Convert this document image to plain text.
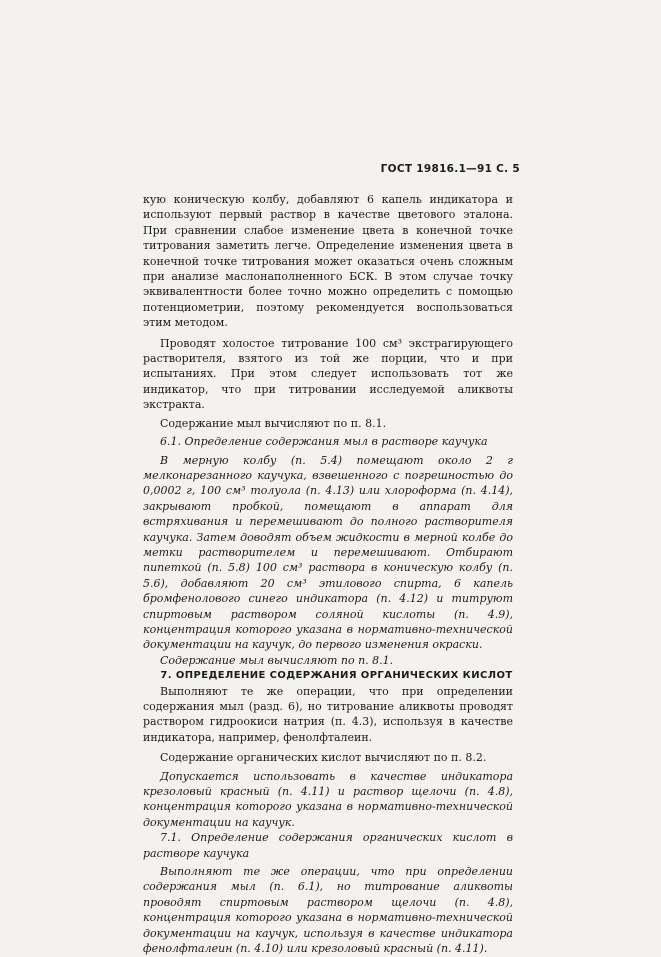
ГОСТ 19816.1—91 С. 5

кую коническую колбу, добавляют 6 капель индикатора и используют первый раствор в качестве цветового эталона. При сравнении слабое изменение цвета в конечной точке титрования заметить легче. Определение изменения цвета в конечной точке титрования может оказаться очень сложным при анализе маслонаполненного БСК. В этом случае точку эквивалентности более точно можно определить с помощью потенциометрии, поэтому рекомендуется воспользоваться этим методом.

Проводят холостое титрование 100 см³ экстрагирующего растворителя, взятого из той же порции, что и при испытаниях. При этом следует использовать тот же индикатор, что при титровании исследуемой аликвоты экстракта.

Содержание мыл вычисляют по п. 8.1.

6.1. Определение содержания мыл в растворе каучука

В мерную колбу (п. 5.4) помещают около 2 г мелконарезанного каучука, взвешенного с погрешностью до 0,0002 г, 100 см³ толуола (п. 4.13) или хлороформа (п. 4.14), закрывают пробкой, помещают в аппарат для встряхивания и перемешивают до полного растворителя каучука. Затем доводят объем жидкости в мерной колбе до метки растворителем и перемешивают. Отбирают пипеткой (п. 5.8) 100 см³ раствора в коническую колбу (п. 5.6), добавляют 20 см³ этилового спирта, 6 капель бромфенолового синего индикатора (п. 4.12) и титруют спиртовым раствором соляной кислоты (п. 4.9), концентрация которого указана в нормативно-технической документации на каучук, до первого изменения окраски.

Содержание мыл вычисляют по п. 8.1.

7. ОПРЕДЕЛЕНИЕ СОДЕРЖАНИЯ ОРГАНИЧЕСКИХ КИСЛОТ

Выполняют те же операции, что при определении содержания мыл (разд. 6), но титрование аликвоты проводят раствором гидроокиси натрия (п. 4.3), используя в качестве индикатора, например, фенолфталеин.

Содержание органических кислот вычисляют по п. 8.2.

Допускается использовать в качестве индикатора крезоловый красный (п. 4.11) и раствор щелочи (п. 4.8), концентрация которого указана в нормативно-технической документации на каучук.

7.1. Определение содержания органических кислот в растворе каучука

Выполняют те же операции, что при определении содержания мыл (п. 6.1), но титрование аликвоты проводят спиртовым раствором щелочи (п. 4.8), концентрация которого указана в нормативно-технической документации на каучук, используя в качестве индикатора фенолфталеин (п. 4.10) или крезоловый красный (п. 4.11).
